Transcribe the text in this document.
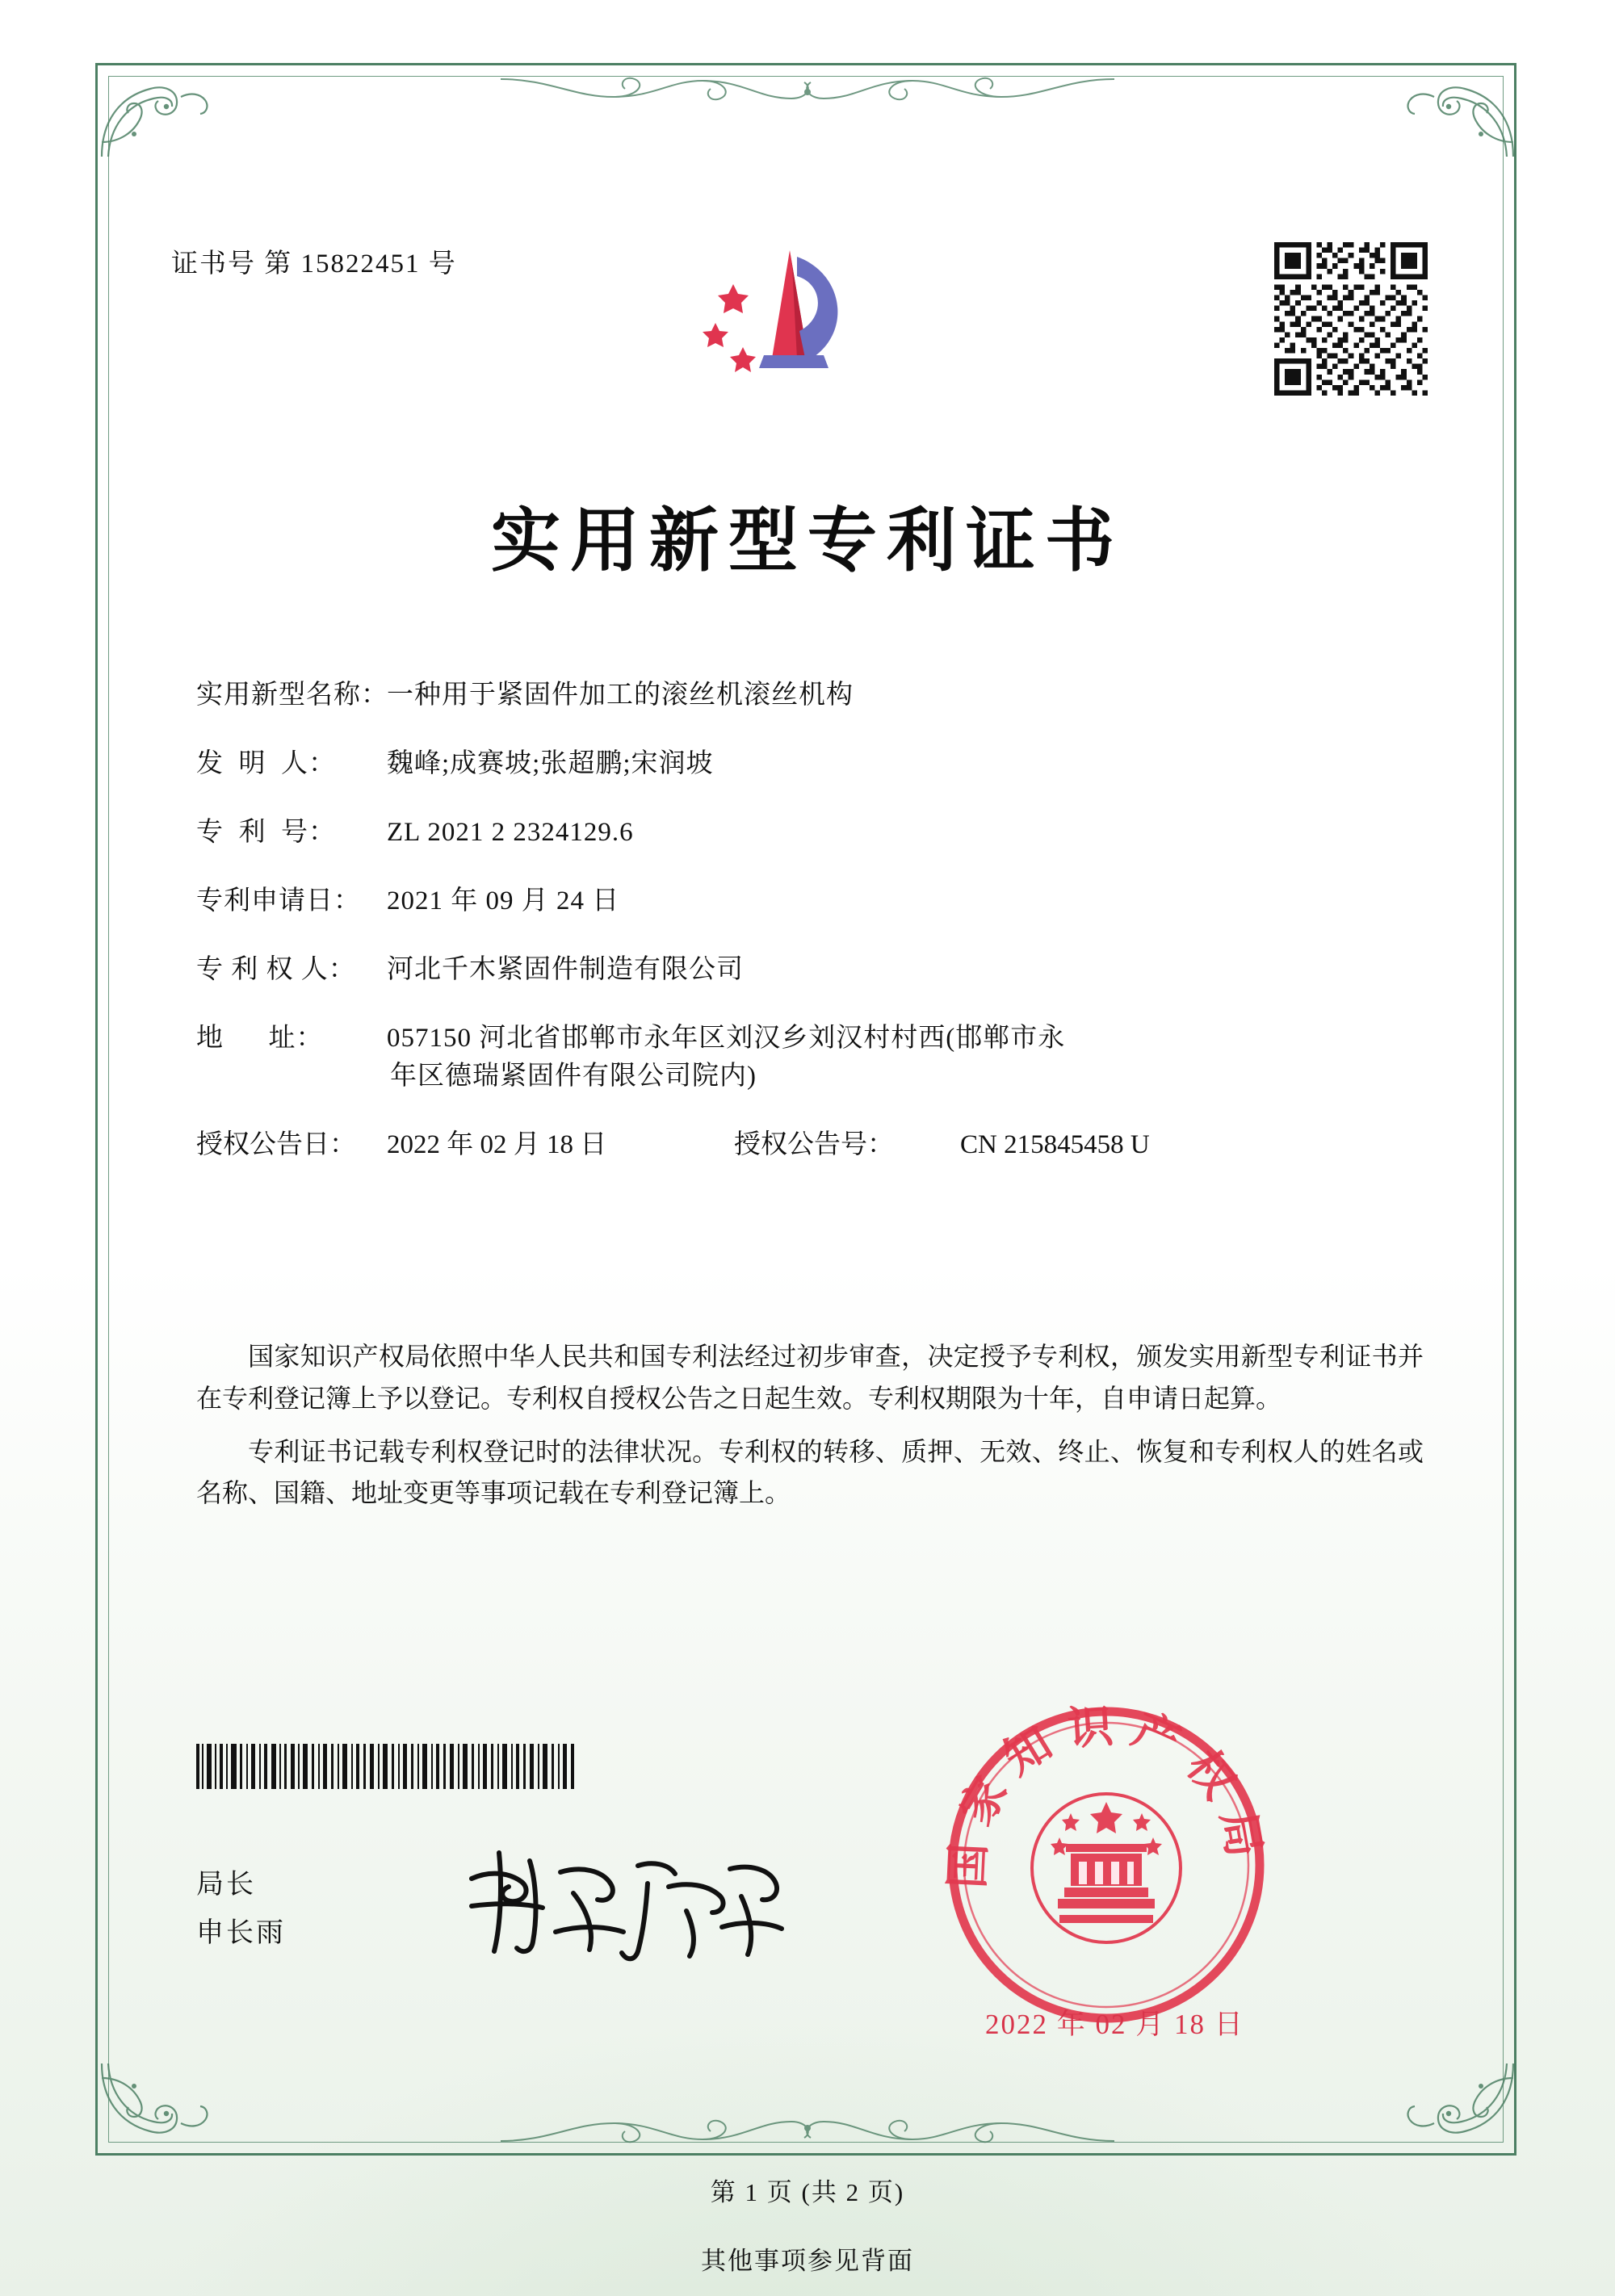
证书号 第 15822451 号
实用新型专利证书
实用新型名称：
一种用于紧固件加工的滚丝机滚丝机构
发  明  人：	魏峰;成赛坡;张超鹏;宋润坡
专  利  号：	ZL 2021 2 2324129.6
专利申请日： 2021 年 09 月 24 日
专 利 权 人：	河北千木紧固件制造有限公司
地      址：	057150 河北省邯郸市永年区刘汉乡刘汉村村西(邯郸市永
年区德瑞紧固件有限公司院内)
授权公告日：	2022 年 02 月 18 日	授权公告号：	CN 215845458 U

国家知识产权局依照中华人民共和国专利法经过初步审查，决定授予专利权，颁发实用新型专利证书并在专利登记簿上予以登记。专利权自授权公告之日起生效。专利权期限为十年，自申请日起算。

专利证书记载专利权登记时的法律状况。专利权的转移、质押、无效、终止、恢复和专利权人的姓名或名称、国籍、地址变更等事项记载在专利登记簿上。

局长
申长雨
国家知识产权局
2022 年 02 月 18 日
第 1 页 (共 2 页)
其他事项参见背面
